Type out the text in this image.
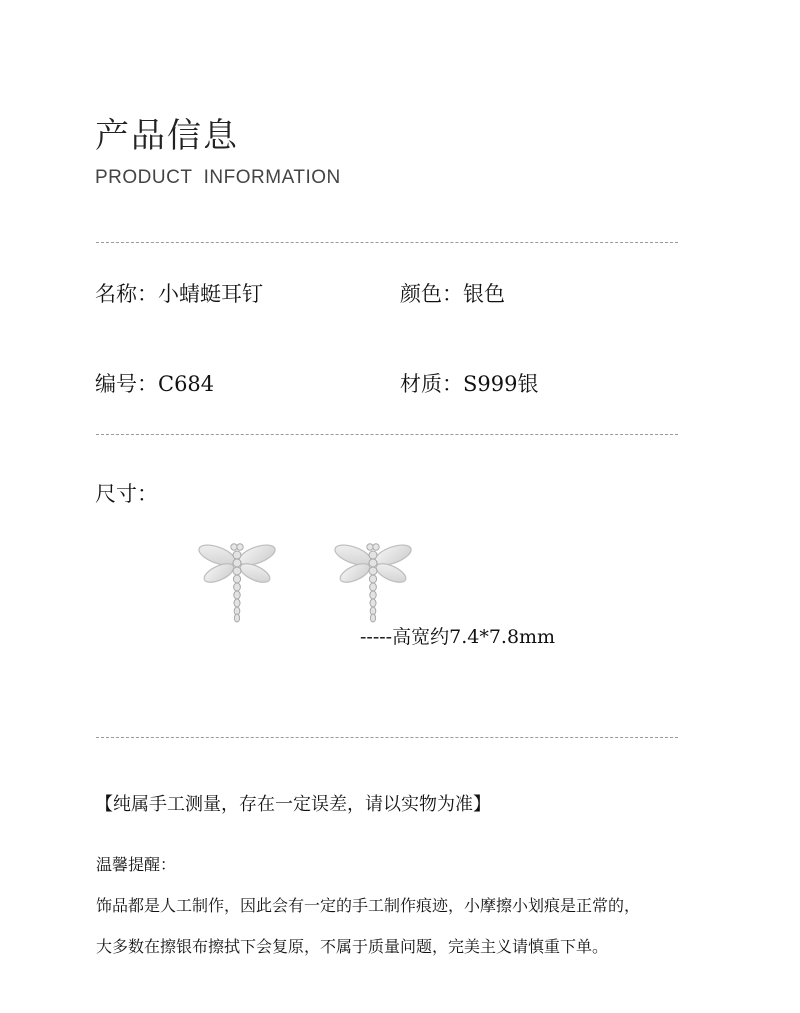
产品信息
PRODUCT  INFORMATION
名称：小蜻蜓耳钉	颜色：银色
编号：C684	材质：S999银
尺寸：
-----高宽约7.4*7.8mm
【纯属手工测量，存在一定误差，请以实物为准】
温馨提醒：
饰品都是人工制作，因此会有一定的手工制作痕迹，小摩擦小划痕是正常的，
大多数在擦银布擦拭下会复原，不属于质量问题，完美主义请慎重下单。
